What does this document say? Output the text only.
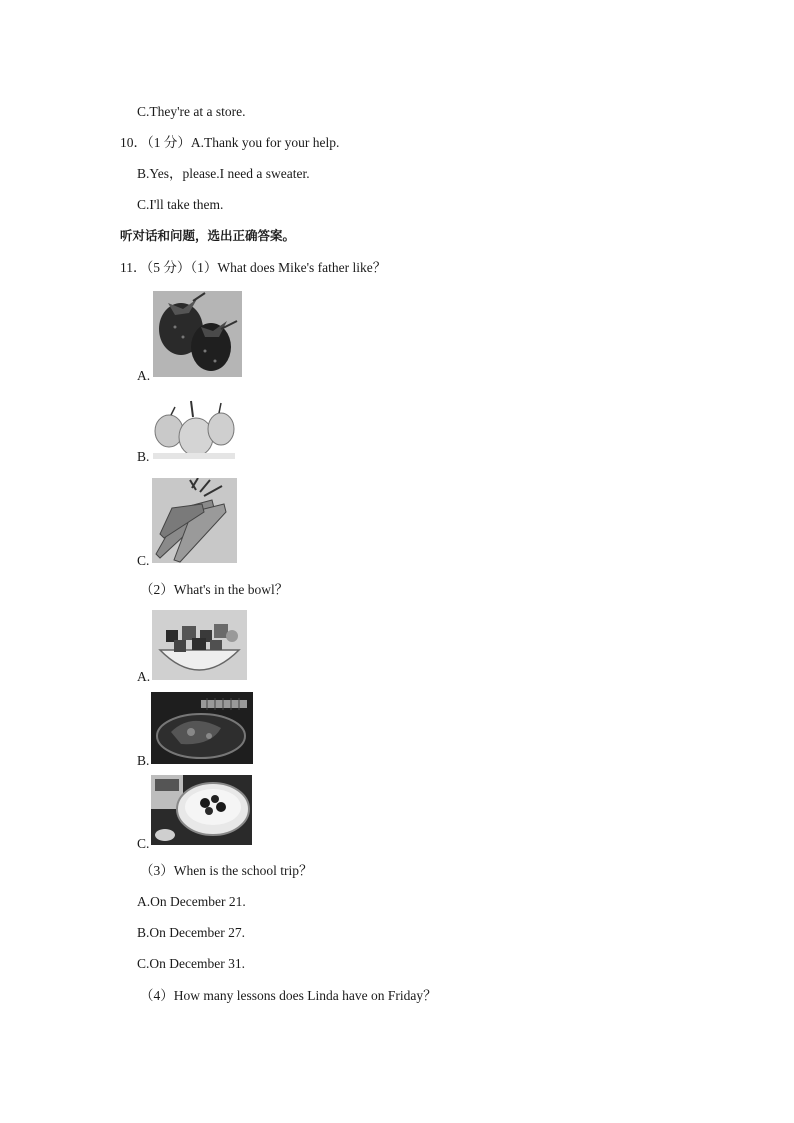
C.They're at a store.
10．（1 分）A.Thank you for your help.
B.Yes，please.I need a sweater.
C.I'll take them.
听对话和问题，选出正确答案。
11．（5 分）（1）What does Mike's father like？
A.
B.
C.
（2）What's in the bowl？
A.
B.
C.
（3）When is the school trip？
A.On December 21.
B.On December 27.
C.On December 31.
（4）How many lessons does Linda have on Friday？
